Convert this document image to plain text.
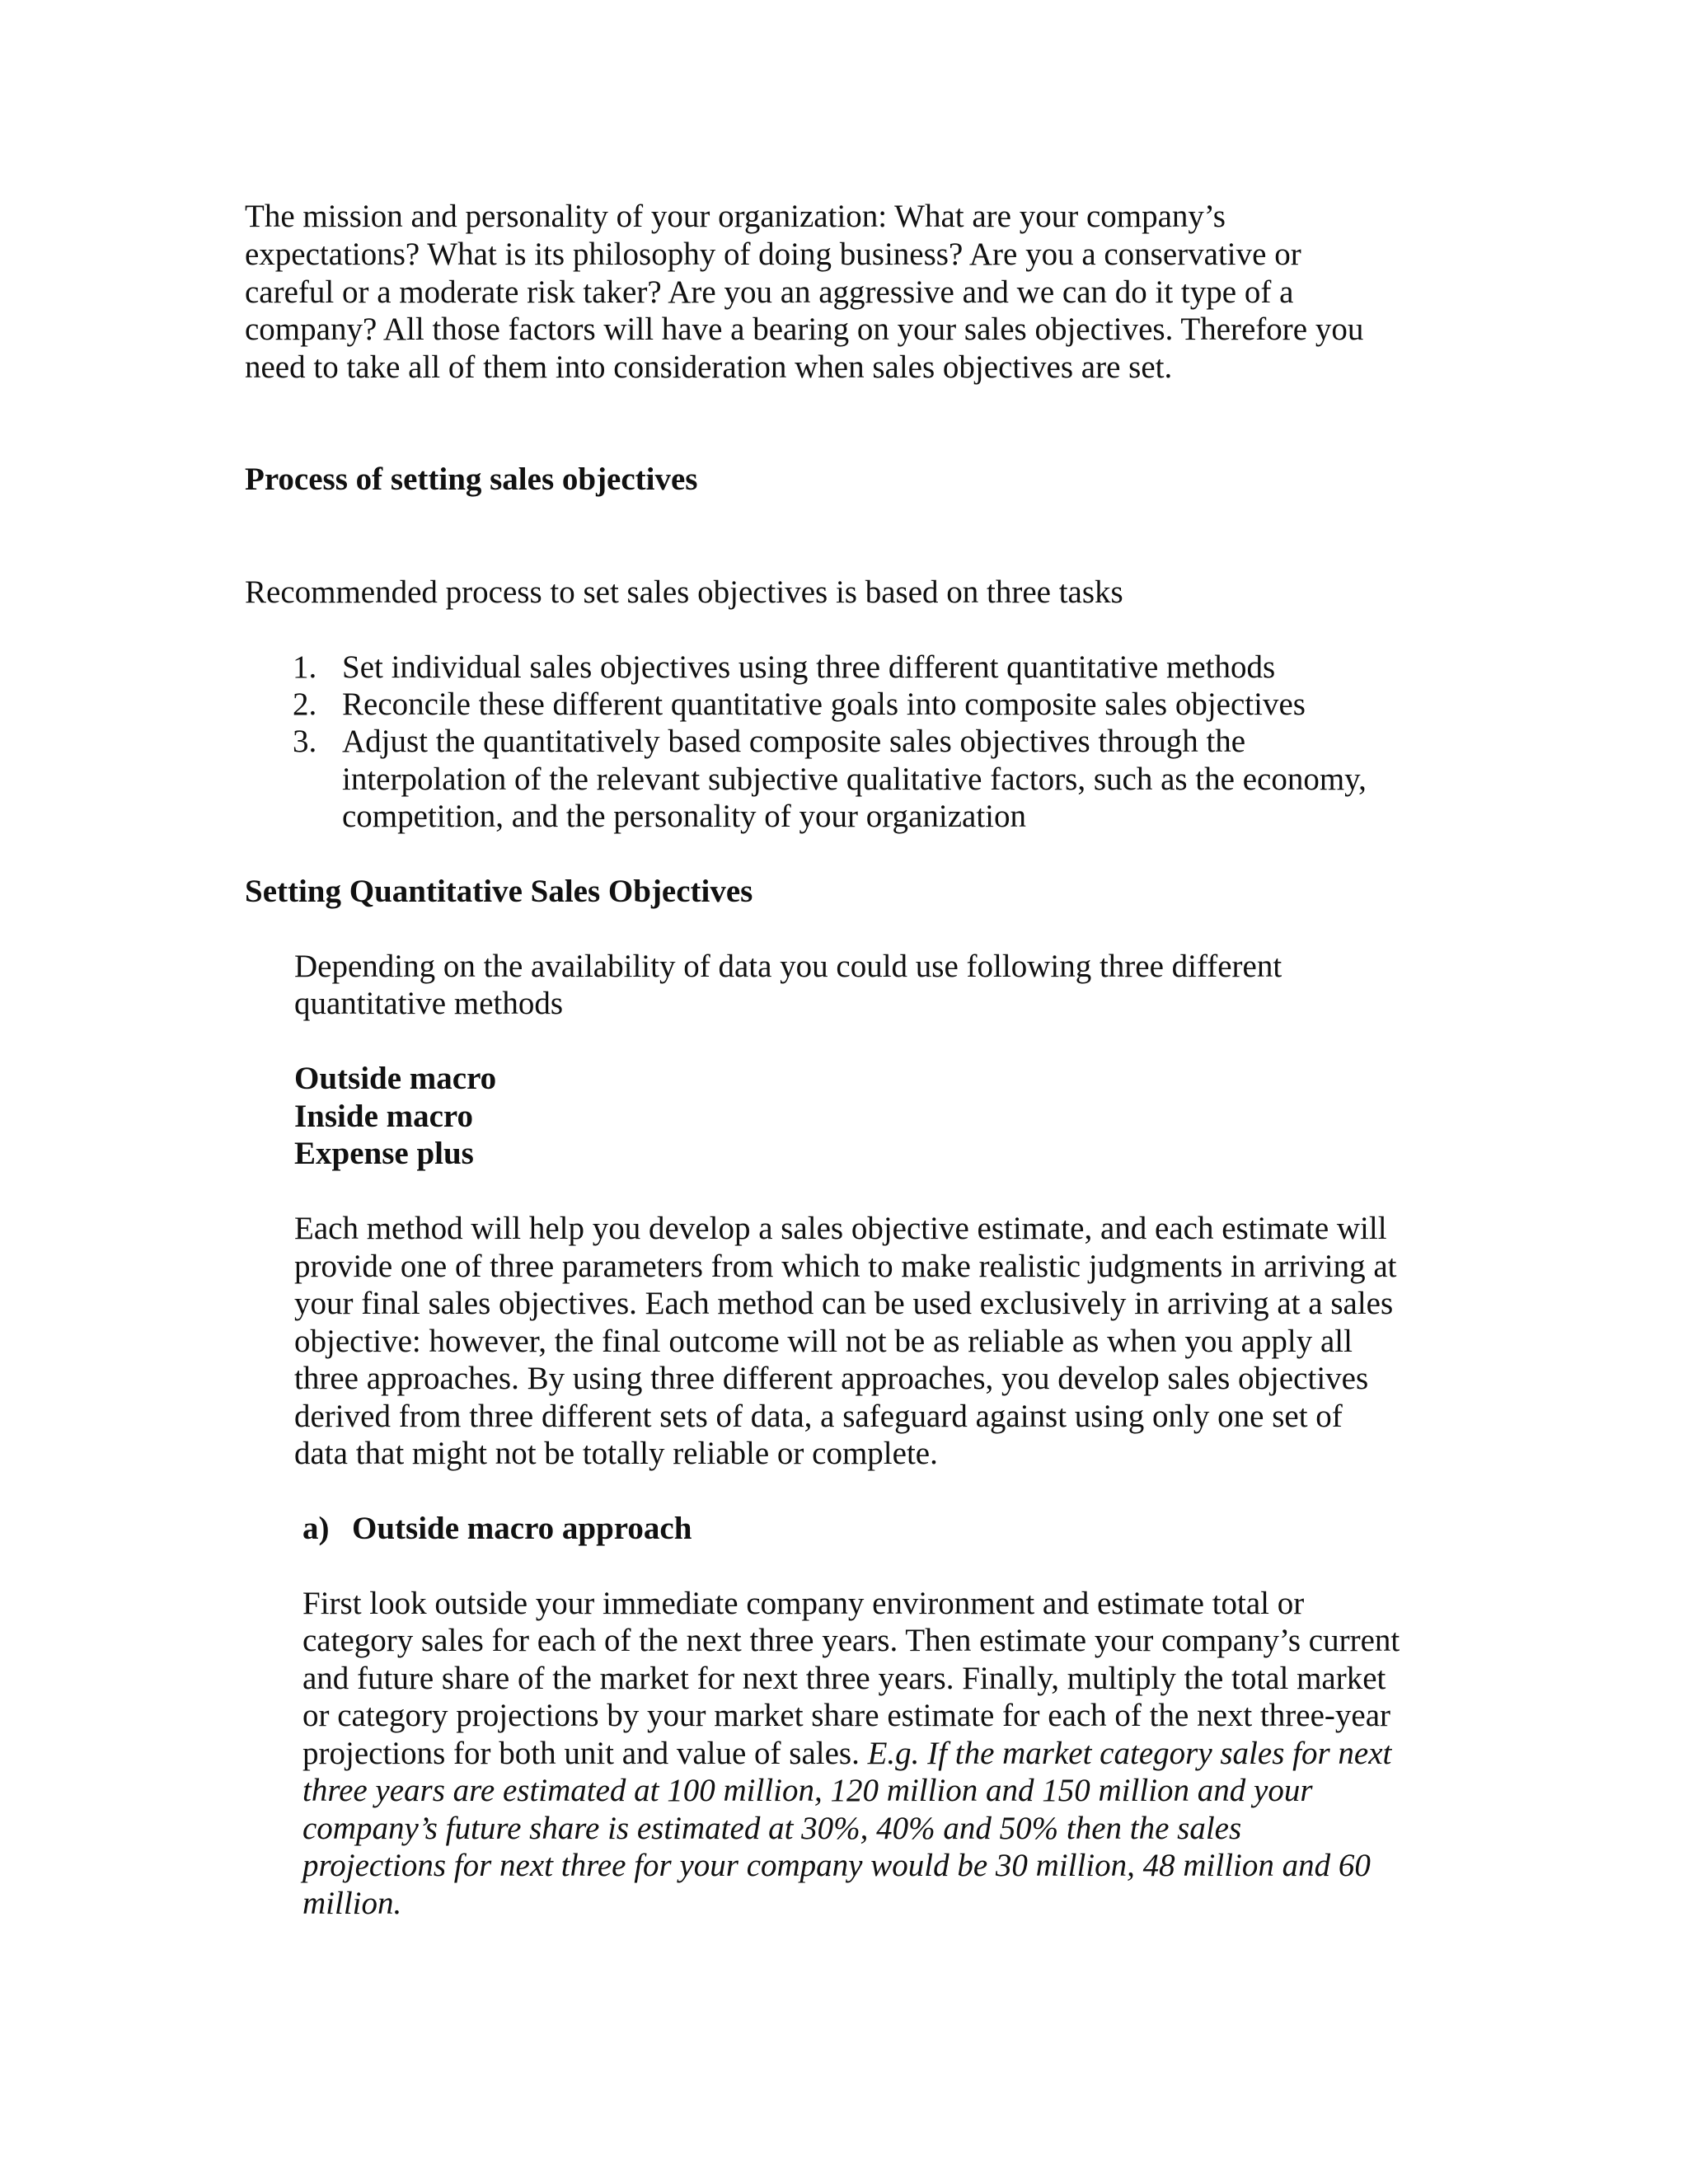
The mission and personality of your organization: What are your company’s

expectations? What is its philosophy of doing business? Are you a conservative or

careful or a moderate risk taker? Are you an aggressive and we can do it type of a

company? All those factors will have a bearing on your sales objectives. Therefore you

need to take all of them into consideration when sales objectives are set.

Process of setting sales objectives

Recommended process to set sales objectives is based on three tasks

1. Set individual sales objectives using three different quantitative methods

2. Reconcile these different quantitative goals into composite sales objectives

3. Adjust the quantitatively based composite sales objectives through the

interpolation of the relevant subjective qualitative factors, such as the economy,

competition, and the personality of your organization

Setting Quantitative Sales Objectives

Depending on the availability of data you could use following three different

quantitative methods

Outside macro

Inside macro

Expense plus

Each method will help you develop a sales objective estimate, and each estimate will

provide one of three parameters from which to make realistic judgments in arriving at

your final sales objectives. Each method can be used exclusively in arriving at a sales

objective: however, the final outcome will not be as reliable as when you apply all

three approaches. By using three different approaches, you develop sales objectives

derived from three different sets of data, a safeguard against using only one set of

data that might not be totally reliable or complete.

a) Outside macro approach

First look outside your immediate company environment and estimate total or

category sales for each of the next three years. Then estimate your company’s current

and future share of the market for next three years. Finally, multiply the total market

or category projections by your market share estimate for each of the next three-year

projections for both unit and value of sales. E.g. If the market category sales for next

three years are estimated at 100 million, 120 million and 150 million and your

company’s future share is estimated at 30%, 40% and 50% then the sales

projections for next three for your company would be 30 million, 48 million and 60

million.
